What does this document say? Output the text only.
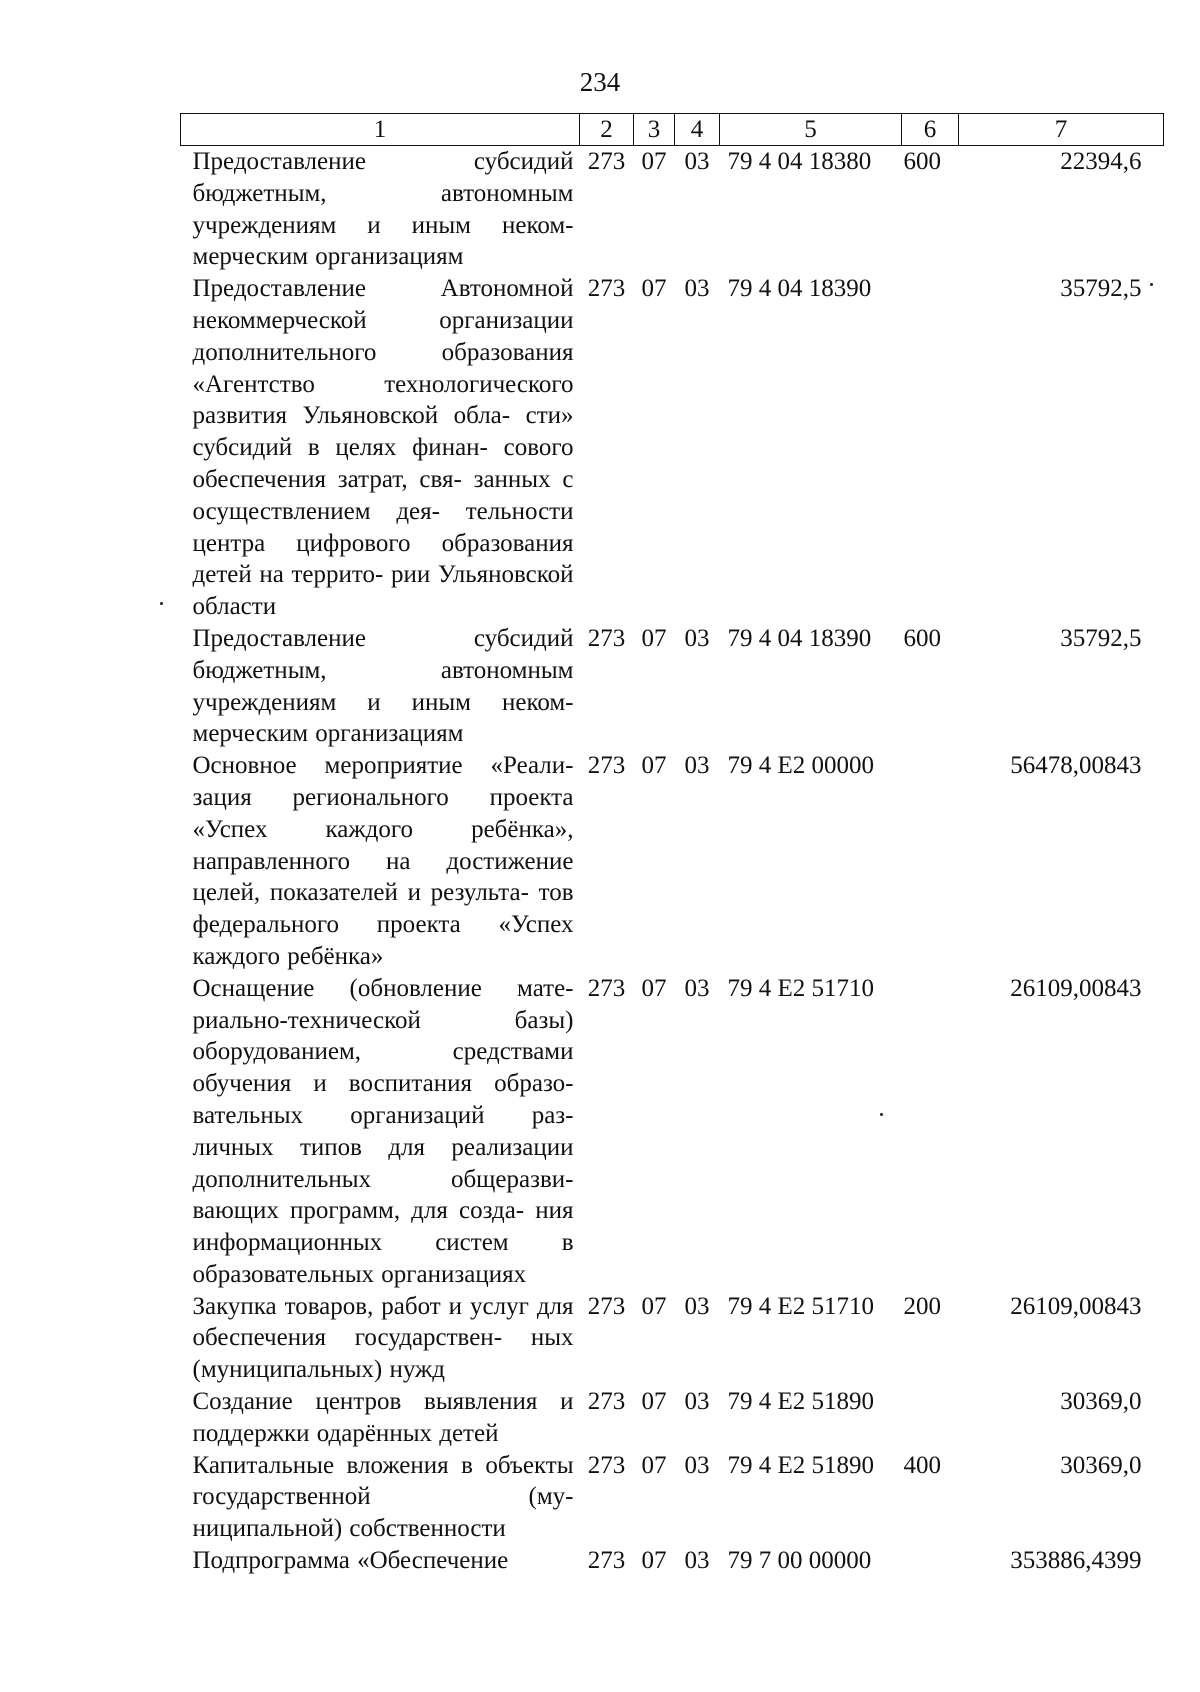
234
1	2	3	4	5	6	7
Предоставление субсидий бюджетным, автономным учреждениям и иным неком- мерческим организациям	273	07	03	79 4 04 18380	600	22394,6
Предоставление Автономной некоммерческой организации дополнительного образования «Агентство технологического развития Ульяновской обла- сти» субсидий в целях финан- сового обеспечения затрат, свя- занных с осуществлением дея- тельности центра цифрового образования детей на террито- рии Ульяновской области	273	07	03	79 4 04 18390		35792,5
Предоставление субсидий бюджетным, автономным учреждениям и иным неком- мерческим организациям	273	07	03	79 4 04 18390	600	35792,5
Основное мероприятие «Реали- зация регионального проекта «Успех каждого ребёнка», направленного на достижение целей, показателей и результа- тов федерального проекта «Успех каждого ребёнка»	273	07	03	79 4 E2 00000		56478,00843
Оснащение (обновление мате- риально-технической базы) оборудованием, средствами обучения и воспитания образо- вательных организаций раз- личных типов для реализации дополнительных общеразви- вающих программ, для созда- ния информационных систем в образовательных организациях	273	07	03	79 4 E2 51710		26109,00843
Закупка товаров, работ и услуг для обеспечения государствен- ных (муниципальных) нужд	273	07	03	79 4 E2 51710	200	26109,00843
Создание центров выявления и поддержки одарённых детей	273	07	03	79 4 E2 51890		30369,0
Капитальные вложения в объекты государственной (му- ниципальной) собственности	273	07	03	79 4 E2 51890	400	30369,0
Подпрограмма «Обеспечение	273	07	03	79 7 00 00000		353886,4399
